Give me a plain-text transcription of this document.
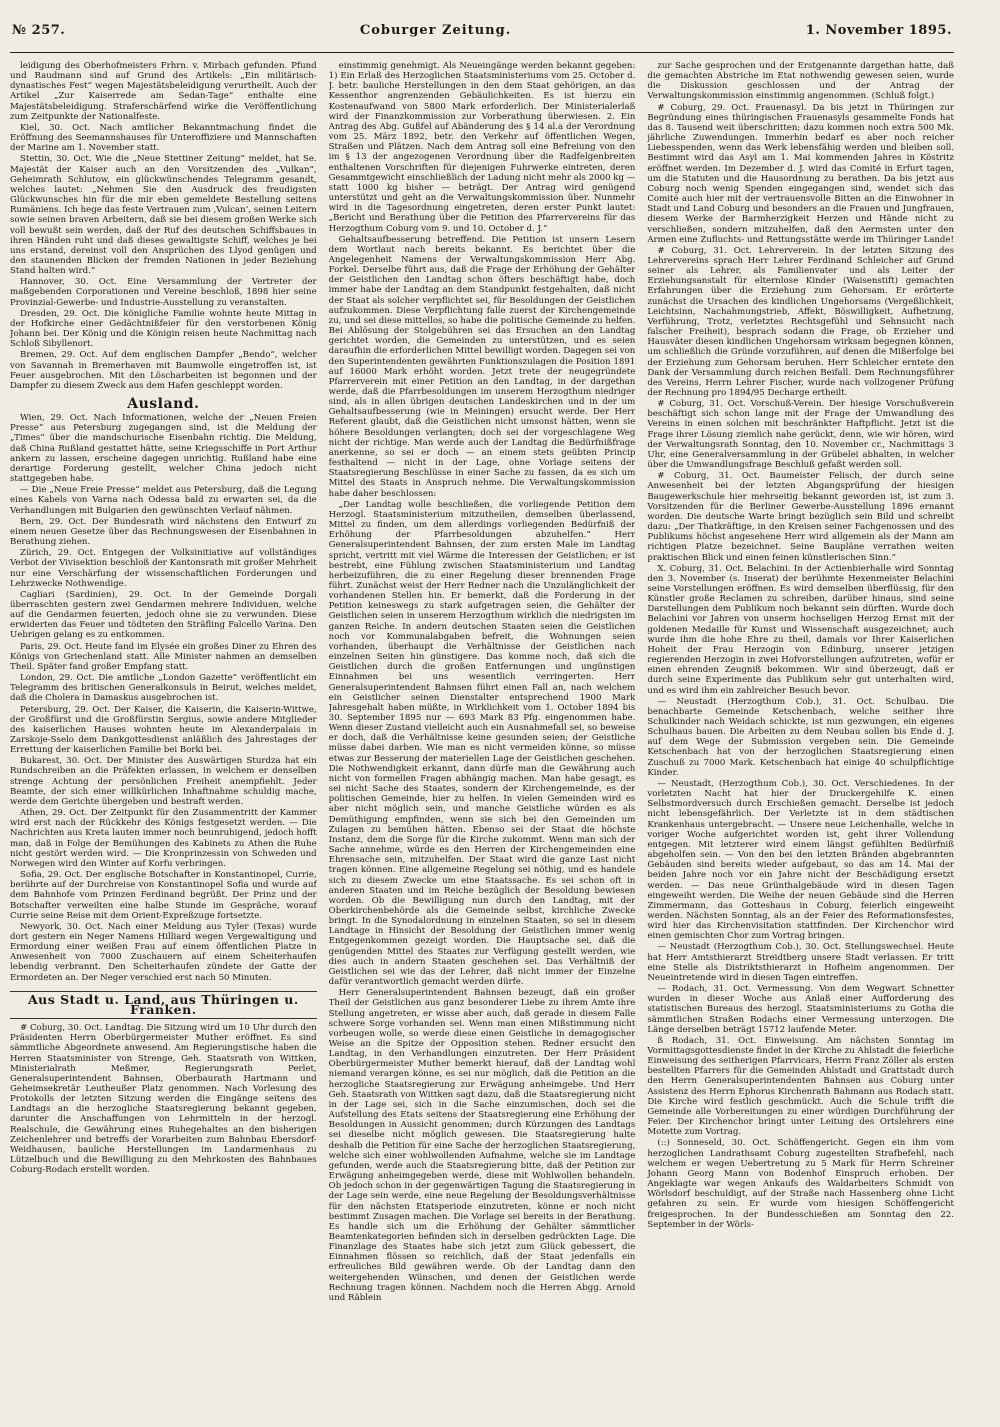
№ 257.	Coburger Zeitung.	1. November 1895.

leidigung des Oberhofmeisters Frhrn. v. Mirbach gefunden. Pfund und Raudmann sind auf Grund des Artikels: „Ein militärisch-dynastisches Fest“ wegen Majestätsbeleidigung verurtheilt. Auch der Artikel „Zur Kaiserrede am Sedan-Tage“ enthalte eine Majestätsbeleidigung. Straferschärfend wirke die Veröffentlichung zum Zeitpunkte der Nationalfeste.

Kiel, 30. Oct. Nach amtlicher Bekanntmachung findet die Eröffnung des Seemannshauses für Unteroffiziere und Mannschaften der Marine am 1. November statt.

Stettin, 30. Oct. Wie die „Neue Stettiner Zeitung“ meldet, hat Se. Majestät der Kaiser auch an den Vorsitzenden des „Vulkan“, Geheimrath Schlutow, ein glückwünschendes Telegramm gesandt, welches lautet: „Nehmen Sie den Ausdruck des freudigsten Glückwunsches hin für die mir eben gemeldete Bestellung seitens Rumäniens. Ich hege das feste Vertrauen zum ‚Vulcan‘, seinen Leitern sowie seinen braven Arbeitern, daß sie bei diesem großen Werke sich voll bewußt sein werden, daß der Ruf des deutschen Schiffsbaues in ihren Händen ruht und daß dieses gewaltigste Schiff, welches je bei uns erstand, dereinst voll den Ansprüchen des Llyod genügen und den staunenden Blicken der fremden Nationen in jeder Beziehung Stand halten wird.“

Hannover, 30. Oct. Eine Versammlung der Vertreter der maßgebenden Corporationen und Vereine beschloß, 1898 hier seine Provinzial-Gewerbe- und Industrie-Ausstellung zu veranstalten.

Dresden, 29. Oct. Die königliche Familie wohnte heute Mittag in der Hofkirche einer Gedächtnißfeier für den verstorbenen König Johann bei. Der König und die Königin reisen heute Nachmittag nach Schloß Sibyllenort.

Bremen, 29. Oct. Auf dem englischen Dampfer „Bendo“, welcher von Savannah in Bremerhaven mit Baumwolle eingetroffen ist, ist Feuer ausgebrochen. Mit den Löscharbeiten ist begonnen und der Dampfer zu diesem Zweck aus dem Hafen geschleppt worden.

Ausland.

Wien, 29. Oct. Nach Informationen, welche der „Neuen Freien Presse“ aus Petersburg zugegangen sind, ist die Meldung der „Times“ über die mandschurische Eisenbahn richtig. Die Meldung, daß China Rußland gestattet hätte, seine Kriegsschiffe in Port Arthur ankern zu lassen, erscheine dagegen unrichtig. Rußland habe eine derartige Forderung gestellt, welcher China jedoch nicht stattgegeben habe.

— Die „Neue Freie Presse“ meldet aus Petersburg, daß die Legung eines Kabels von Varna nach Odessa bald zu erwarten sei, da die Verhandlungen mit Bulgarien den gewünschten Verlauf nähmen.

Bern, 29. Oct. Der Bundesrath wird nächstens den Entwurf zu einem neuen Gesetze über das Rechnungswesen der Eisenbahnen in Berathung ziehen.

Zürich, 29. Oct. Entgegen der Volksinitiative auf vollständiges Verbot der Vivisektion beschloß der Kantonsrath mit großer Mehrheit nur eine Verschärfung der wissenschaftlichen Forderungen und Lehrzwecke Nothwendige.

Cagliari (Sardinien), 29. Oct. In der Gemeinde Dorgali überraschten gestern zwei Gendarmen mehrere Individuen, welche auf die Gendarmen feuerten, jedoch ohne sie zu verwunden. Diese erwiderten das Feuer und tödteten den Sträfling Falcello Varina. Den Uebrigen gelang es zu entkommen.

Paris, 29. Oct. Heute fand im Elysée ein großes Diner zu Ehren des Königs von Griechenland statt. Alle Minister nahmen an demselben Theil. Später fand großer Empfang statt.

London, 29. Oct. Die amtliche „London Gazette“ veröffentlicht ein Telegramm des britischen Generalkonsuls in Beirut, welches meldet, daß die Cholera in Damaskus ausgebrochen ist.

Petersburg, 29. Oct. Der Kaiser, die Kaiserin, die Kaiserin-Wittwe, der Großfürst und die Großfürstin Sergius, sowie andere Mitglieder des kaiserlichen Hauses wohnten heute im Alexanderpalais in Zarskoje-Sselo dem Dankgottesdienst anläßlich des Jahrestages der Errettung der kaiserlichen Familie bei Borki bei.

Bukarest, 30. Oct. Der Minister des Auswärtigen Sturdza hat ein Rundschreiben an die Präfekten erlassen, in welchem er denselben strenge Achtung der persönlichen Freiheit anempfiehlt. Jeder Beamte, der sich einer willkürlichen Inhaftnahme schuldig mache, werde dem Gerichte übergeben und bestraft werden.

Athen, 29. Oct. Der Zeitpunkt für den Zusammentritt der Kammer wird erst nach der Rückkehr des Königs festgesetzt werden. — Die Nachrichten aus Kreta lauten immer noch beunruhigend, jedoch hofft man, daß in Folge der Bemühungen des Kabinets zu Athen die Ruhe nicht gestört werden wird. — Die Kronprinzessin von Schweden und Norwegen wird den Winter auf Korfu verbringen.

Sofia, 29. Oct. Der englische Botschafter in Konstantinopel, Currie, berührte auf der Durchreise von Konstantinopel Sofia und wurde auf dem Bahnhofe vom Prinzen Ferdinand begrüßt. Der Prinz und der Botschafter verweilten eine halbe Stunde im Gespräche, worauf Currie seine Reise mit dem Orient-Expreßzuge fortsetzte.

Newyork, 30. Oct. Nach einer Meldung aus Tyler (Texas) wurde dort gestern ein Neger Namens Hilliard wegen Vergewaltigung und Ermordung einer weißen Frau auf einem öffentlichen Platze in Anwesenheit von 7000 Zuschauern auf einem Scheiterhaufen lebendig verbrannt. Den Scheiterhaufen zündete der Gatte der Ermordeten an. Der Neger verschied erst nach 50 Minuten.

Aus Stadt u. Land, aus Thüringen u. Franken.

# Coburg, 30. Oct. Landtag. Die Sitzung wird um 10 Uhr durch den Präsidenten Herrn Oberbürgermeister Muther eröffnet. Es sind sämmtliche Abgeordnete anwesend. Am Regierungstische haben die Herren Staatsminister von Strenge, Geh. Staatsrath von Wittken, Ministerialrath Meßmer, Regierungsrath Perlet, Generalsuperintendent Bahnsen, Oberbaurath Hartmann und Geheimsekretär Leutheußer Platz genommen. Nach Vorlesung des Protokolls der letzten Sitzung werden die Eingänge seitens des Landtags an die herzogliche Staatsregierung bekannt gegeben, darunter die Anschaffungen von Lehrmitteln in der herzogl. Realschule, die Gewährung eines Ruhegehaltes an den bisherigen Zeichenlehrer und betreffs der Vorarbeiten zum Bahnbau Ebersdorf-Weidhausen, bauliche Herstellungen im Landarmenhaus zu Lützelbuch und die Bewilligung zu den Mehrkosten des Bahnbaues Coburg-Rodach erstellt worden.

einstimmig genehmigt. Als Neueingänge werden bekannt gegeben: 1) Ein Erlaß des Herzoglichen Staatsministeriums vom 25. October d. J. betr. bauliche Herstellungen in den dem Staat gehörigen, an das Kessenthor angrenzenden Gebäulichkeiten. Es ist hierzu ein Kostenaufwand von 5800 Mark erforderlich. Der Ministerialerlaß wird der Finanzkommission zur Vorberathung überwiesen. 2. Ein Antrag des Abg. Gußfel auf Abänderung des § 14 al.a der Verordnung vom 25. März 1892, betr. den Verkehr auf öffentlichen Wegen, Straßen und Plätzen. Nach dem Antrag soll eine Befreiung von den im § 13 der angezogenen Verordnung über die Radfelgenbreiten enthaltenen Vorschriften für diejenigen Fuhrwerke eintreten, deren Gesammtgewicht einschließlich der Ladung nicht mehr als 2000 kg — statt 1000 kg bisher — beträgt. Der Antrag wird genügend unterstützt und geht an die Verwaltungskommission über. Nunmehr wird in die Tagesordnung eingetreten, deren erster Punkt lautet: „Bericht und Berathung über die Petition des Pfarrervereins für das Herzogthum Coburg vom 9. und 10. October d. J.“

Gehaltsaufbesserung betreffend. Die Petition ist unsern Lesern dem Wortlaut nach bereits bekannt. Es berichtet über die Angelegenheit Namens der Verwaltungskommission Herr Abg. Forkel. Derselbe führt aus, daß die Frage der Erhöhung der Gehälter der Geistlichen den Landtag schon öfters beschäftigt habe, doch immer habe der Landtag an dem Standpunkt festgehalten, daß nicht der Staat als solcher verpflichtet sei, für Besoldungen der Geistlichen aufzukommen. Diese Verpflichtung falle zuerst der Kirchengemeinde zu, und sei diese mittellos, so habe die politische Gemeinde zu helfen. Bei Ablösung der Stolgebühren sei das Ersuchen an den Landtag gerichtet worden, die Gemeinden zu unterstützen, und es seien daraufhin die erforderlichen Mittel bewilligt worden. Dagegen sei von den Superintendenten gewährten Funktionszulagen die Position 1891 auf 16000 Mark erhöht worden. Jetzt trete der neugegründete Pfarrerverein mit einer Petition an den Landtag, in der dargethan werde, daß die Pfarrbesoldungen im unserem Herzogthum niedriger sind, als in allen übrigen deutschen Landeskirchen und in der um Gehaltsaufbesserung (wie in Meiningen) ersucht werde. Der Herr Referent glaubt, daß die Geistlichen nicht umsonst hätten, wenn sie höhere Besoldungen verlangten; doch sei der vorgeschlagene Weg nicht der richtige. Man werde auch der Landtag die Bedürfnißfrage anerkenne, so sei er doch — an einem stets geübten Princip festhaltend — nicht in der Lage, ohne Vorlage seitens der Staatsregierung Beschlüsse in einer Sache zu fassen, da es sich um Mittel des Staats in Anspruch nehme. Die Verwaltungskommission habe daher beschlossen:

„Der Landtag wolle beschließen, die vorliegende Petition dem Herzogl. Staatsministerium mitzutheilen, demselben überlassend, Mittel zu finden, um dem allerdings vorliegenden Bedürfniß der Erhöhung der Pfarrbesoldungen abzuhelfen.“ Herr Generalsuperintendent Bahnsen, der zum ersten Male im Landtag spricht, vertritt mit viel Wärme die Interessen der Geistlichen; er ist bestrebt, eine Fühlung zwischen Staatsministerium und Landtag herbeizuführen, die zu einer Regelung dieser brennenden Frage führt. Zunächst weist der Herr Redner nach die Unzulänglichkeit der vorhandenen Stellen hin. Er bemerkt, daß die Forderung in der Petition keineswegs zu stark aufgetragen seien, die Gehälter der Geistlichen seien in unserem Herzogthum wirklich die niedrigsten im ganzen Reiche. In andern deutschen Staaten seien die Geistlichen noch vor Kommunalabgaben befreit, die Wohnungen seien vorhanden, überhaupt die Verhältnisse der Geistlichen nach einzelnen Seiten hin günstigere. Das komme noch, daß sich die Geistlichen durch die großen Entfernungen und ungünstigen Einnahmen bei uns wesentlich verringerten. Herr Generalsuperintendent Bahnsen führt einen Fall an, nach welchem ein Geistlicher seinen Dienstalter entsprechend 1900 Mark Jahresgehalt haben müßte, in Wirklichkeit vom 1. October 1894 bis 30. September 1895 nur — 693 Mark 83 Pfg. eingenommen habe. Wenn dieser Zustand vielleicht auch ein Ausnahmefall sei, so beweise er doch, daß die Verhältnisse keine gesunden seien; der Geistliche müsse dabei darben. Wie man es nicht vermeiden könne, so müsse etwas zur Besserung der materiellen Lage der Geistlichen geschehen. Die Nothwendigkeit erkannt, dann dürfe man die Gewährung auch nicht von formellen Fragen abhängig machen. Man habe gesagt, es sei nicht Sache des Staates, sondern der Kirchengemeinde, es der politischen Gemeinde, hier zu helfen. In vielen Gemeinden wird es aber nicht möglich sein, und manche Geistliche würden es als Demüthigung empfinden, wenn sie sich bei den Gemeinden um Zulagen zu bemühen hätten. Ebenso sei der Staat die höchste Instanz, dem die Sorge für die Kirche zukommt. Wenn man sich der Sache annehme, würde es den Herren der Kirchengemeinden eine Ehrensache sein, mitzuhelfen. Der Staat wird die ganze Last nicht tragen können. Eine allgemeine Regelung sei nöthig, und es handele sich zu diesem Zwecke um eine Staatssache. Es sei schon oft in anderen Staaten und im Reiche bezüglich der Besoldung bewiesen worden. Ob die Bewilligung nun durch den Landtag, mit der Oberkirchenbehörde als die Gemeinde selbst, kirchliche Zwecke bringt. In die Synodalordnung in einzelnen Staaten, so sei in diesem Landtage in Hinsicht der Besoldung der Geistlichen immer wenig Entgegenkommen gezeigt worden. Die Hauptsache sei, daß die genügenden Mittel des Staates zur Verfügung gestellt werden, wie dies auch in andern Staaten geschehen sei. Das Verhältniß der Geistlichen sei wie das der Lehrer, daß nicht immer der Einzelne dafür verantwortlich gemacht werden dürfe.

Herr Generalsuperintendent Bahnsen bezeugt, daß ein großer Theil der Geistlichen aus ganz besonderer Liebe zu ihrem Amte ihre Stellung angetreten, er wisse aber auch, daß gerade in diesem Falle schwere Sorge vorhanden sei. Wenn man einen Mißstimmung nicht vorbeugen wolle, so werde diese einen Geistliche in demagogischer Weise an die Spitze der Opposition stehen. Redner ersucht den Landtag, in den Verhandlungen einzutreten. Der Herr Präsident Oberbürgermeister Muther bemerkt hierauf, daß der Landtag wohl niemand verargen könne, es sei nur möglich, daß die Petition an die herzogliche Staatsregierung zur Erwägung anheimgebe. Und Herr Geh. Staatsrath von Wittken sagt dazu, daß die Staatsregierung nicht in der Lage sei, sich in die Sache einzumischen, doch sei die Aufstellung des Etats seitens der Staatsregierung eine Erhöhung der Besoldungen in Aussicht genommen; durch Kürzungen des Landtags sei dieselbe nicht möglich gewesen. Die Staatsregierung halte deshalb die Petition für eine Sache der herzoglichen Staatsregierung, welche sich einer wohlwollenden Aufnahme, welche sie im Landtage gefunden, werde auch die Staatsregierung bitte, daß der Petition zur Erwägung anheimgegeben werde, diese mit Wohlwollen behandeln. Ob jedoch schon in der gegenwärtigen Tagung die Staatsregierung in der Lage sein werde, eine neue Regelung der Besoldungsverhältnisse für den nächsten Etatsperiode einzutreten, könne er noch nicht bestimmt Zusagen machen. Die Vorlage sei bereits in der Berathung. Es handle sich um die Erhöhung der Gehälter sämmtlicher Beamtenkategorien befinden sich in derselben gedrückten Lage. Die Finanzlage des Staates habe sich jetzt zum Glück gebessert, die Einnahmen flössen so reichlich, daß der Staat jedenfalls ein erfreuliches Bild gewähren werde. Ob der Landtag dann den weitergehenden Wünschen, und denen der Geistlichen werde Rechnung tragen können. Nachdem noch die Herren Abgg. Arnold und Räblein

zur Sache gesprochen und der Erstgenannte dargethan hatte, daß die gemachten Abstriche im Etat nothwendig gewesen seien, wurde die Diskussion geschlossen und der Antrag der Verwaltungskommission einstimmig angenommen. (Schluß folgt.)

# Coburg, 29. Oct. Frauenasyl. Da bis jetzt in Thüringen zur Begründung eines thüringischen Frauenasyls gesammelte Fonds hat das 8. Tausend weit überschritten; dazu kommen noch extra 500 Mk. jährliche Zuwendungen. Immerhin bedarf es aber noch reicher Liebesspenden, wenn das Werk lebensfähig werden und bleiben soll. Bestimmt wird das Asyl am 1. Mai kommenden Jahres in Köstritz eröffnet werden. Im Dezember d. J. wird das Comité in Erfurt tagen, um die Statuten und die Hausordnung zu berathen. Da bis jetzt aus Coburg noch wenig Spenden eingegangen sind, wendet sich das Comité auch hier mit der vertrauensvolle Bitten an die Einwohner in Stadt und Land Coburg und besonders an die Frauen und Jungfrauen, diesem Werke der Barmherzigkeit Herzen und Hände nicht zu verschließen, sondern mitzuhelfen, daß den Aermsten unter den Armen eine Zufluchts- und Rettungsstätte werde im Thüringer Lande!

# Coburg, 31. Oct. Lehrerverein. In der letzten Sitzung des Lehrervereins sprach Herr Lehrer Ferdinand Schleicher auf Grund seiner als Lehrer, als Familienvater und als Leiter der Erziehungsanstalt für elternlose Kinder (Waisenstift) gemachten Erfahrungen über die Erziehung zum Gehorsam. Er erörterte zunächst die Ursachen des kindlichen Ungehorsams (Vergeßlichkeit, Leichtsinn, Nachahmungstrieb, Affekt, Böswilligkeit, Aufhetzung, Verführung, Trotz, verletztes Rechtsgefühl und Sehnsucht nach falscher Freiheit), besprach sodann die Frage, ob Erzieher und Hausväter diesen kindlichen Ungehorsam wirksam begegnen können, um schließlich die Gründe vorzuführen, auf denen die Mißerfolge bei der Erziehung zum Gehorsam beruhen. Herr Schleicher erntete den Dank der Versammlung durch reichen Beifall. Dem Rechnungsführer des Vereins, Herrn Lehrer Fischer, wurde nach vollzogener Prüfung der Rechnung pro 1894/95 Decharge ertheilt.

# Coburg, 31. Oct. Vorschuß-Verein. Der hiesige Vorschußverein beschäftigt sich schon lange mit der Frage der Umwandlung des Vereins in einen solchen mit beschränkter Haftpflicht. Jetzt ist die Frage ihrer Lösung ziemlich nahe gerückt, denn, wie wir hören, wird der Verwaltungsrath Sonntag, den 10. November cr., Nachmittags 3 Uhr, eine Generalversammlung in der Grübelei abhalten, in welcher über die Umwandlungsfrage Beschluß gefaßt werden soll.

# Coburg, 31. Oct. Baumeister Felisch, der durch seine Anwesenheit bei der letzten Abgangsprüfung der hiesigen Baugewerkschule hier mehrseitig bekannt geworden ist, ist zum 3. Vorsitzenden für die Berliner Gewerbe-Ausstellung 1896 ernannt worden. Die deutsche Warte bringt bezüglich sein Bild und schreibt dazu: „Der Thatkräftige, in den Kreisen seiner Fachgenossen und des Publikums höchst angesehene Herr wird allgemein als der Mann am richtigen Platze bezeichnet. Seine Baupläne verrathen weiten praktischen Blick und einen feinen künstlerischen Sinn.“

X. Coburg, 31. Oct. Belachini. In der Actienbierhalle wird Sonntag den 3. November (s. Inserat) der berühmte Hexenmeister Belachini seine Vorstellungen eröffnen. Es wird demselben überflüssig, für den Künstler große Reclamen zu schreiben, darüber hinaus, sind seine Darstellungen dem Publikum noch bekannt sein dürften. Wurde doch Belachini vor Jahren von unserm hochseligen Herzog Ernst mit der goldenen Medaille für Kunst und Wissenschaft ausgezeichnet; auch wurde ihm die hohe Ehre zu theil, damals vor Ihrer Kaiserlichen Hoheit der Frau Herzogin von Edinburg, unserer jetzigen regierenden Herzogin in zwei Hofvorstellungen aufzutreten, wofür er einen ehrenden Zeugniß bekommen. Wir sind überzeugt, daß er durch seine Experimente das Publikum sehr gut unterhalten wird, und es wird ihm ein zahlreicher Besuch bevor.

— Neustadt (Herzogthum Cob.), 31. Oct. Schulbau. Die benachbarte Gemeinde Ketschenbach, welche seither ihre Schulkinder nach Weidach schickte, ist nun gezwungen, ein eigenes Schulhaus bauen. Die Arbeiten zu dem Neubau sollen bis Ende d. J. auf dem Wege der Submission vergeben sein. Die Gemeinde Ketschenbach hat von der herzoglichen Staatsregierung einen Zuschuß zu 7000 Mark. Ketschenbach hat einige 40 schulpflichtige Kinder.

— Neustadt, (Herzogthum Cob.), 30. Oct. Verschiedenes. In der vorletzten Nacht hat hier der Druckergehilfe K. einen Selbstmordversuch durch Erschießen gemacht. Derselbe ist jedoch nicht lebensgefährlich. Der Verletzte ist in dem städtischen Krankenhaus untergebracht. — Unsere neue Leichenhalle, welche in voriger Woche aufgerichtet worden ist, geht ihrer Vollendung entgegen. Mit letzterer wird einem längst gefühlten Bedürfniß abgeholfen sein. — Von den bei den letzten Bränden abgebrannten Gebäuden sind bereits wieder aufgebaut, so das am 14. Mai der beiden Jahre noch vor ein Jahre nicht der Beschädigung ersetzt werden. — Das neue Grünthalgebäude wird in diesen Tagen eingeweiht werden. Die Weihe der neuen Gebäude sind die Herren Zimmermann, das Gotteshaus in Coburg, feierlich eingeweiht werden. Nächsten Sonntag, als an der Feier des Reformationsfestes, wird hier das Kirchenvisitation stattfinden. Der Kirchenchor wird einen gemischten Chor zum Vortrag bringen.

— Neustadt (Herzogthum Cob.), 30. Oct. Stellungswechsel. Heute hat Herr Amtsthierarzt Streidtberg unsere Stadt verlassen. Er tritt eine Stelle als Distriktsthierarzt in Hofheim angenommen. Der Neueintretende wird in diesen Tagen eintreffen.

— Rodach, 31. Oct. Vermessung. Von dem Wegwart Schnetter wurden in dieser Woche aus Anlaß einer Aufforderung des statistischen Bureaus des herzogl. Staatsministeriums zu Gotha die sämmtlichen Straßen Rodachs einer Vermessung unterzogen. Die Länge derselben beträgt 15712 laufende Meter.

ß Rodach, 31. Oct. Einweisung. Am nächsten Sonntag im Vormittagsgottesdienste findet in der Kirche zu Ahlstadt die feierliche Einweisung des seitherigen Pfarrvicars, Herrn Franz Zöller als ersten bestellten Pfarrers für die Gemeinden Ahlstadt und Grattstadt durch den Herrn Generalsuperintendenten Bahnsen aus Coburg unter Assistenz des Herrn Ephorus Kirchenrath Bahmann aus Rodach statt. Die Kirche wird festlich geschmückt. Auch die Schule trifft die Gemeinde alle Vorbereitungen zu einer würdigen Durchführung der Feier. Der Kirchenchor bringt unter Leitung des Ortslehrers eine Motette zum Vortrag.

(::) Sonneseld, 30. Oct. Schöffengericht. Gegen ein ihm vom herzoglichen Landrathsamt Coburg zugestellten Strafbefehl, nach welchem er wegen Uebertretung zu 5 Mark für Herrn Schreiner Johann Georg Mann von Bodenhof Einspruch erhoben. Der Angeklagte war wegen Ankaufs des Waldarbeiters Schmidt von Wörlsdorf beschuldigt, auf der Straße nach Hassenberg ohne Licht gefahren zu sein. Er wurde vom hiesigen Schöffengericht freigesprochen. In der Bundesschießen am Sonntag den 22. September in der Wörls-
